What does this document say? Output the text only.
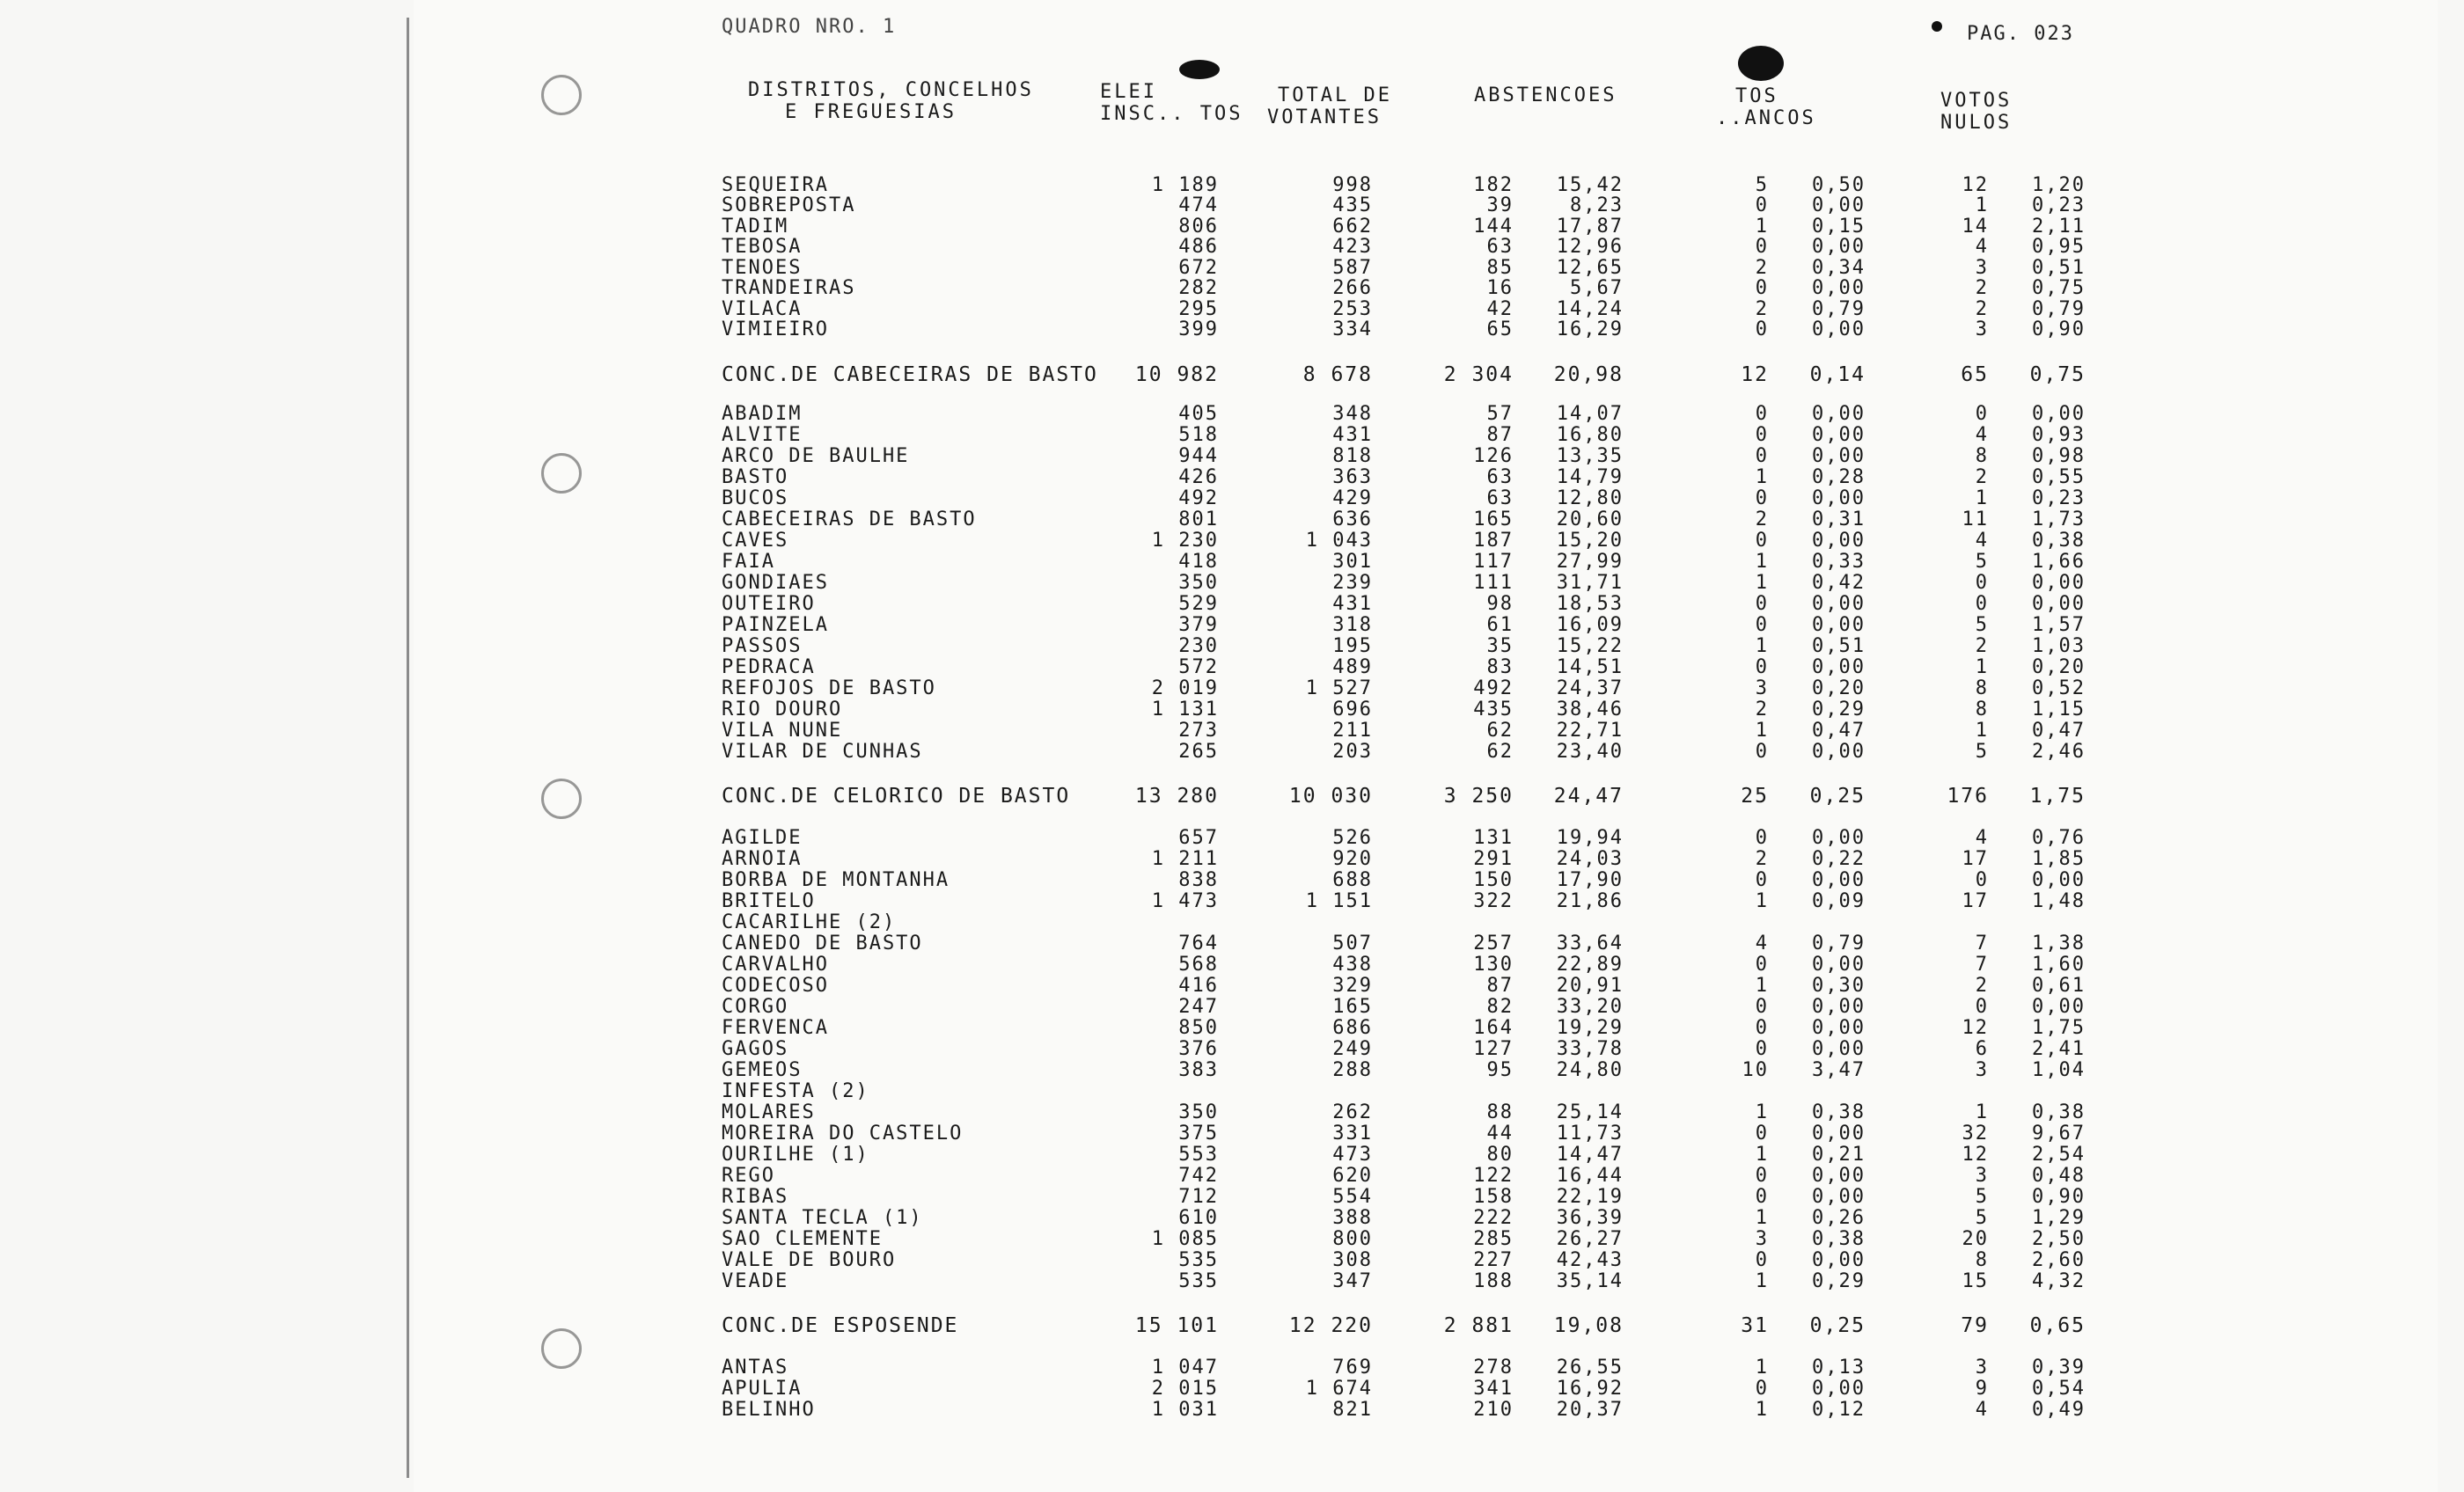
QUADRO NRO. 1	PAG. 023
DISTRITOS, CONCELHOS
E FREGUESIAS
ELEI
INSC.. TOS
TOTAL DE
VOTANTES
ABSTENCOES	TOS
..ANCOS
VOTOS
NULOS
SEQUEIRA	1 189	998	182	15,42	5	0,50	12	1,20
SOBREPOSTA	474	435	39	8,23	0	0,00	1	0,23
TADIM	806	662	144	17,87	1	0,15	14	2,11
TEBOSA	486	423	63	12,96	0	0,00	4	0,95
TENOES	672	587	85	12,65	2	0,34	3	0,51
TRANDEIRAS	282	266	16	5,67	0	0,00	2	0,75
VILACA	295	253	42	14,24	2	0,79	2	0,79
VIMIEIRO	399	334	65	16,29	0	0,00	3	0,90
CONC.DE CABECEIRAS DE BASTO	10 982	8 678	2 304	20,98	12	0,14	65	0,75
ABADIM	405	348	57	14,07	0	0,00	0	0,00
ALVITE	518	431	87	16,80	0	0,00	4	0,93
ARCO DE BAULHE	944	818	126	13,35	0	0,00	8	0,98
BASTO	426	363	63	14,79	1	0,28	2	0,55
BUCOS	492	429	63	12,80	0	0,00	1	0,23
CABECEIRAS DE BASTO	801	636	165	20,60	2	0,31	11	1,73
CAVES	1 230	1 043	187	15,20	0	0,00	4	0,38
FAIA	418	301	117	27,99	1	0,33	5	1,66
GONDIAES	350	239	111	31,71	1	0,42	0	0,00
OUTEIRO	529	431	98	18,53	0	0,00	0	0,00
PAINZELA	379	318	61	16,09	0	0,00	5	1,57
PASSOS	230	195	35	15,22	1	0,51	2	1,03
PEDRACA	572	489	83	14,51	0	0,00	1	0,20
REFOJOS DE BASTO	2 019	1 527	492	24,37	3	0,20	8	0,52
RIO DOURO	1 131	696	435	38,46	2	0,29	8	1,15
VILA NUNE	273	211	62	22,71	1	0,47	1	0,47
VILAR DE CUNHAS	265	203	62	23,40	0	0,00	5	2,46
CONC.DE CELORICO DE BASTO	13 280	10 030	3 250	24,47	25	0,25	176	1,75
AGILDE	657	526	131	19,94	0	0,00	4	0,76
ARNOIA	1 211	920	291	24,03	2	0,22	17	1,85
BORBA DE MONTANHA	838	688	150	17,90	0	0,00	0	0,00
BRITELO	1 473	1 151	322	21,86	1	0,09	17	1,48
CACARILHE (2)
CANEDO DE BASTO	764	507	257	33,64	4	0,79	7	1,38
CARVALHO	568	438	130	22,89	0	0,00	7	1,60
CODECOSO	416	329	87	20,91	1	0,30	2	0,61
CORGO	247	165	82	33,20	0	0,00	0	0,00
FERVENCA	850	686	164	19,29	0	0,00	12	1,75
GAGOS	376	249	127	33,78	0	0,00	6	2,41
GEMEOS	383	288	95	24,80	10	3,47	3	1,04
INFESTA (2)
MOLARES	350	262	88	25,14	1	0,38	1	0,38
MOREIRA DO CASTELO	375	331	44	11,73	0	0,00	32	9,67
OURILHE (1)	553	473	80	14,47	1	0,21	12	2,54
REGO	742	620	122	16,44	0	0,00	3	0,48
RIBAS	712	554	158	22,19	0	0,00	5	0,90
SANTA TECLA (1)	610	388	222	36,39	1	0,26	5	1,29
SAO CLEMENTE	1 085	800	285	26,27	3	0,38	20	2,50
VALE DE BOURO	535	308	227	42,43	0	0,00	8	2,60
VEADE	535	347	188	35,14	1	0,29	15	4,32
CONC.DE ESPOSENDE	15 101	12 220	2 881	19,08	31	0,25	79	0,65
ANTAS	1 047	769	278	26,55	1	0,13	3	0,39
APULIA	2 015	1 674	341	16,92	0	0,00	9	0,54
BELINHO	1 031	821	210	20,37	1	0,12	4	0,49
